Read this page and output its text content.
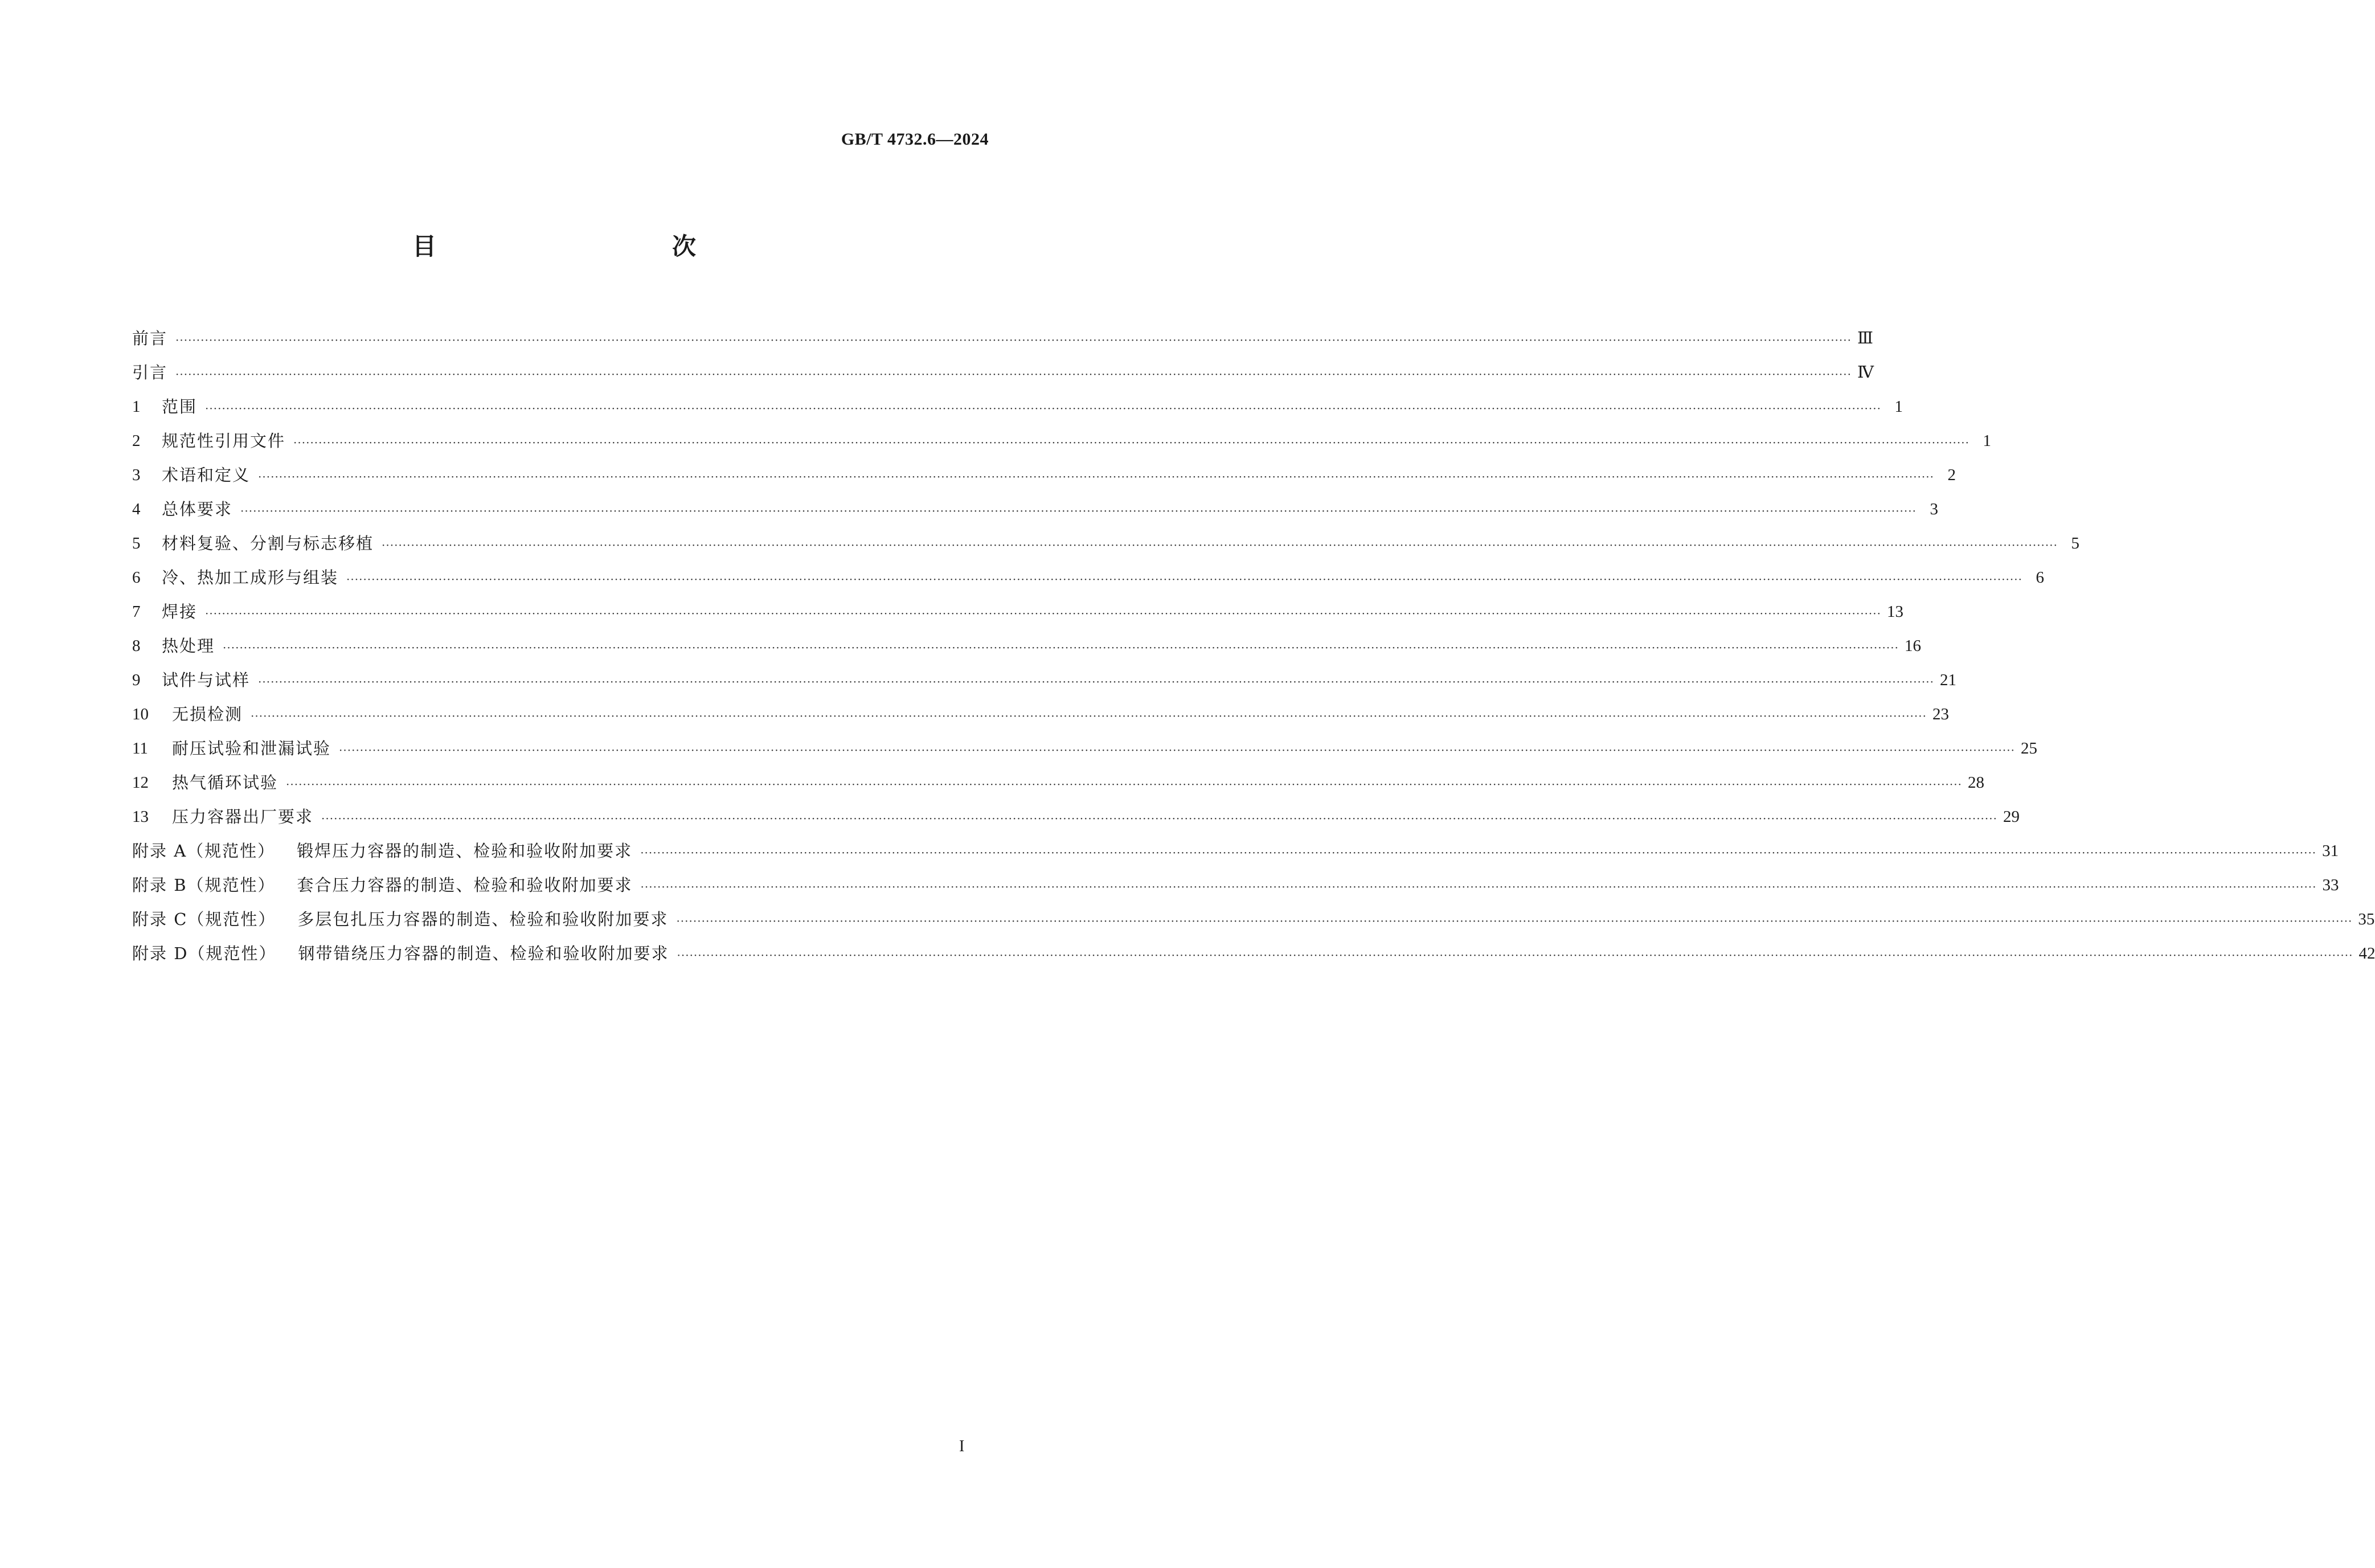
GB/T 4732.6—2024
目　　次
前言 ················································································································································································································································································································································································································ Ⅲ
引言 ················································································································································································································································································································································································································ Ⅳ
1	范围 ················································································································································································································································································································································································································ 1
2	规范性引用文件 ················································································································································································································································································································································································································ 1
3	术语和定义 ················································································································································································································································································································································································································ 2
4	总体要求 ················································································································································································································································································································································································································ 3
5	材料复验、分割与标志移植 ················································································································································································································································································································································································································ 5
6	冷、热加工成形与组装 ················································································································································································································································································································································································································ 6
7	焊接 ················································································································································································································································································································································································································ 13
8	热处理 ················································································································································································································································································································································································································ 16
9	试件与试样 ················································································································································································································································································································································································································ 21
10	无损检测 ················································································································································································································································································································································································································ 23
11	耐压试验和泄漏试验 ················································································································································································································································································································································································································ 25
12	热气循环试验 ················································································································································································································································································································································································································ 28
13	压力容器出厂要求 ················································································································································································································································································································································································································ 29
附录 A（规范性） 锻焊压力容器的制造、检验和验收附加要求 ················································································································································································································································································································································································································ 31
附录 B（规范性） 套合压力容器的制造、检验和验收附加要求 ················································································································································································································································································································································································································ 33
附录 C（规范性） 多层包扎压力容器的制造、检验和验收附加要求 ················································································································································································································································································································································································································ 35
附录 D（规范性） 钢带错绕压力容器的制造、检验和验收附加要求 ················································································································································································································································································································································································································ 42
I
